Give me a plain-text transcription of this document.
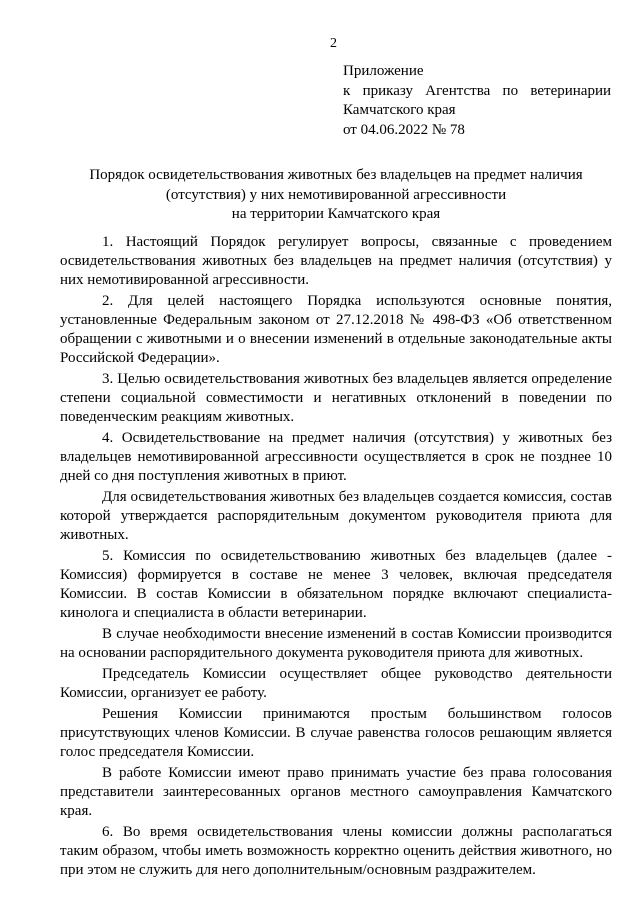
2
Приложение
к приказу Агентства по ветеринарии
Камчатского края
от 04.06.2022 № 78
Порядок освидетельствования животных без владельцев на предмет наличия
(отсутствия) у них немотивированной агрессивности
на территории Камчатского края

1. Настоящий Порядок регулирует вопросы, связанные с проведением освидетельствования животных без владельцев на предмет наличия (отсутствия) у них немотивированной агрессивности.

2. Для целей настоящего Порядка используются основные понятия, установленные Федеральным законом от 27.12.2018 № 498-ФЗ «Об ответственном обращении с животными и о внесении изменений в отдельные законодательные акты Российской Федерации».

3. Целью освидетельствования животных без владельцев является определение степени социальной совместимости и негативных отклонений в поведении по поведенческим реакциям животных.

4. Освидетельствование на предмет наличия (отсутствия) у животных без владельцев немотивированной агрессивности осуществляется в срок не позднее 10 дней со дня поступления животных в приют.

Для освидетельствования животных без владельцев создается комиссия, состав которой утверждается распорядительным документом руководителя приюта для животных.

5. Комиссия по освидетельствованию животных без владельцев (далее - Комиссия) формируется в составе не менее 3 человек, включая председателя Комиссии. В состав Комиссии в обязательном порядке включают специалиста-кинолога и специалиста в области ветеринарии.

В случае необходимости внесение изменений в состав Комиссии производится на основании распорядительного документа руководителя приюта для животных.

Председатель Комиссии осуществляет общее руководство деятельности Комиссии, организует ее работу.

Решения Комиссии принимаются простым большинством голосов присутствующих членов Комиссии. В случае равенства голосов решающим является голос председателя Комиссии.

В работе Комиссии имеют право принимать участие без права голосования представители заинтересованных органов местного самоуправления Камчатского края.

6. Во время освидетельствования члены комиссии должны располагаться таким образом, чтобы иметь возможность корректно оценить действия животного, но при этом не служить для него дополнительным/основным раздражителем.
